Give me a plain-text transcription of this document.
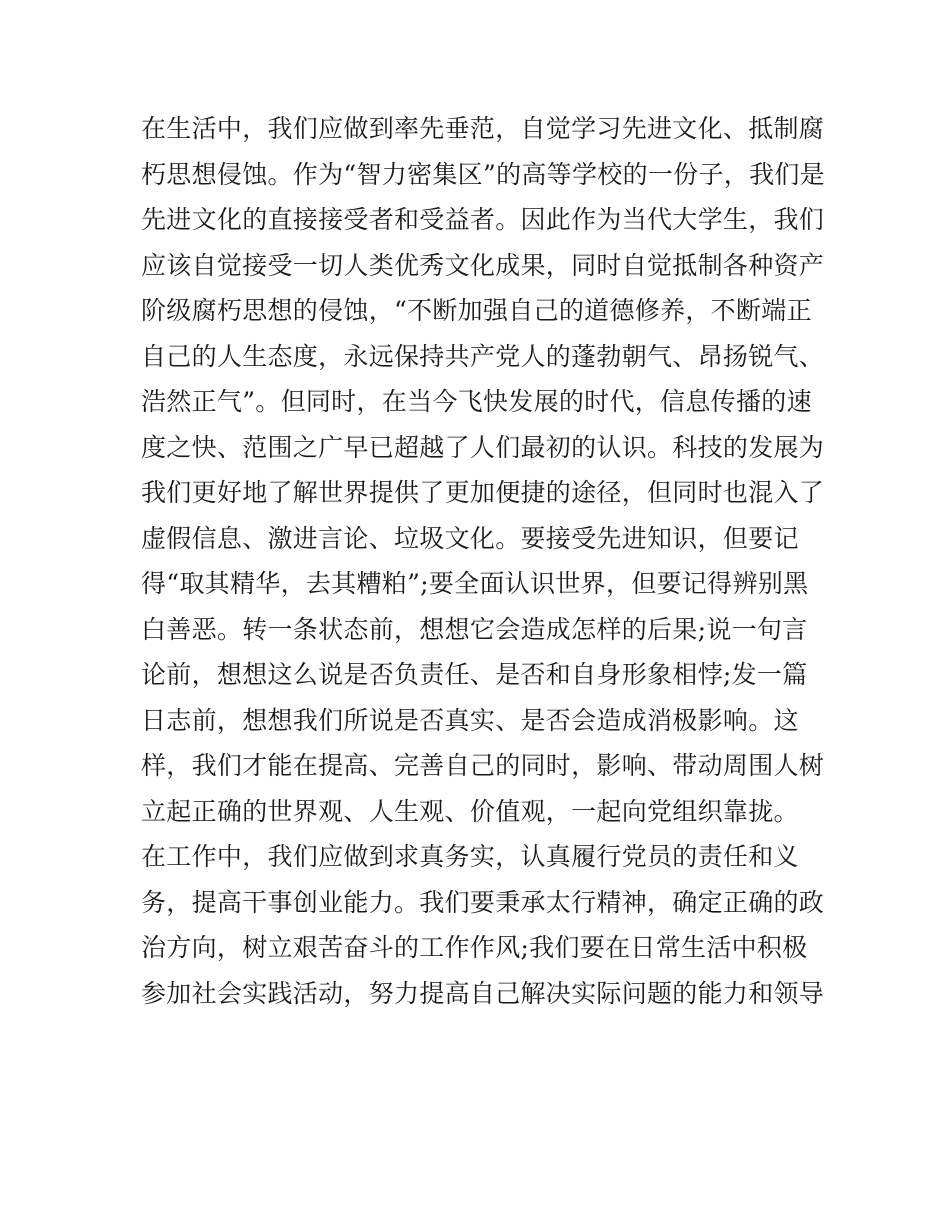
在生活中，我们应做到率先垂范，自觉学习先进文化、抵制腐
朽思想侵蚀。作为“智力密集区”的高等学校的一份子，我们是
先进文化的直接接受者和受益者。因此作为当代大学生，我们
应该自觉接受一切人类优秀文化成果，同时自觉抵制各种资产
阶级腐朽思想的侵蚀，“不断加强自己的道德修养，不断端正
自己的人生态度，永远保持共产党人的蓬勃朝气、昂扬锐气、
浩然正气”。但同时，在当今飞快发展的时代，信息传播的速
度之快、范围之广早已超越了人们最初的认识。科技的发展为
我们更好地了解世界提供了更加便捷的途径，但同时也混入了
虚假信息、激进言论、垃圾文化。要接受先进知识，但要记
得“取其精华，去其糟粕”;要全面认识世界，但要记得辨别黑
白善恶。转一条状态前，想想它会造成怎样的后果;说一句言
论前，想想这么说是否负责任、是否和自身形象相悖;发一篇
日志前，想想我们所说是否真实、是否会造成消极影响。这
样，我们才能在提高、完善自己的同时，影响、带动周围人树
立起正确的世界观、人生观、价值观，一起向党组织靠拢。
在工作中，我们应做到求真务实，认真履行党员的责任和义
务，提高干事创业能力。我们要秉承太行精神，确定正确的政
治方向，树立艰苦奋斗的工作作风;我们要在日常生活中积极
参加社会实践活动，努力提高自己解决实际问题的能力和领导
